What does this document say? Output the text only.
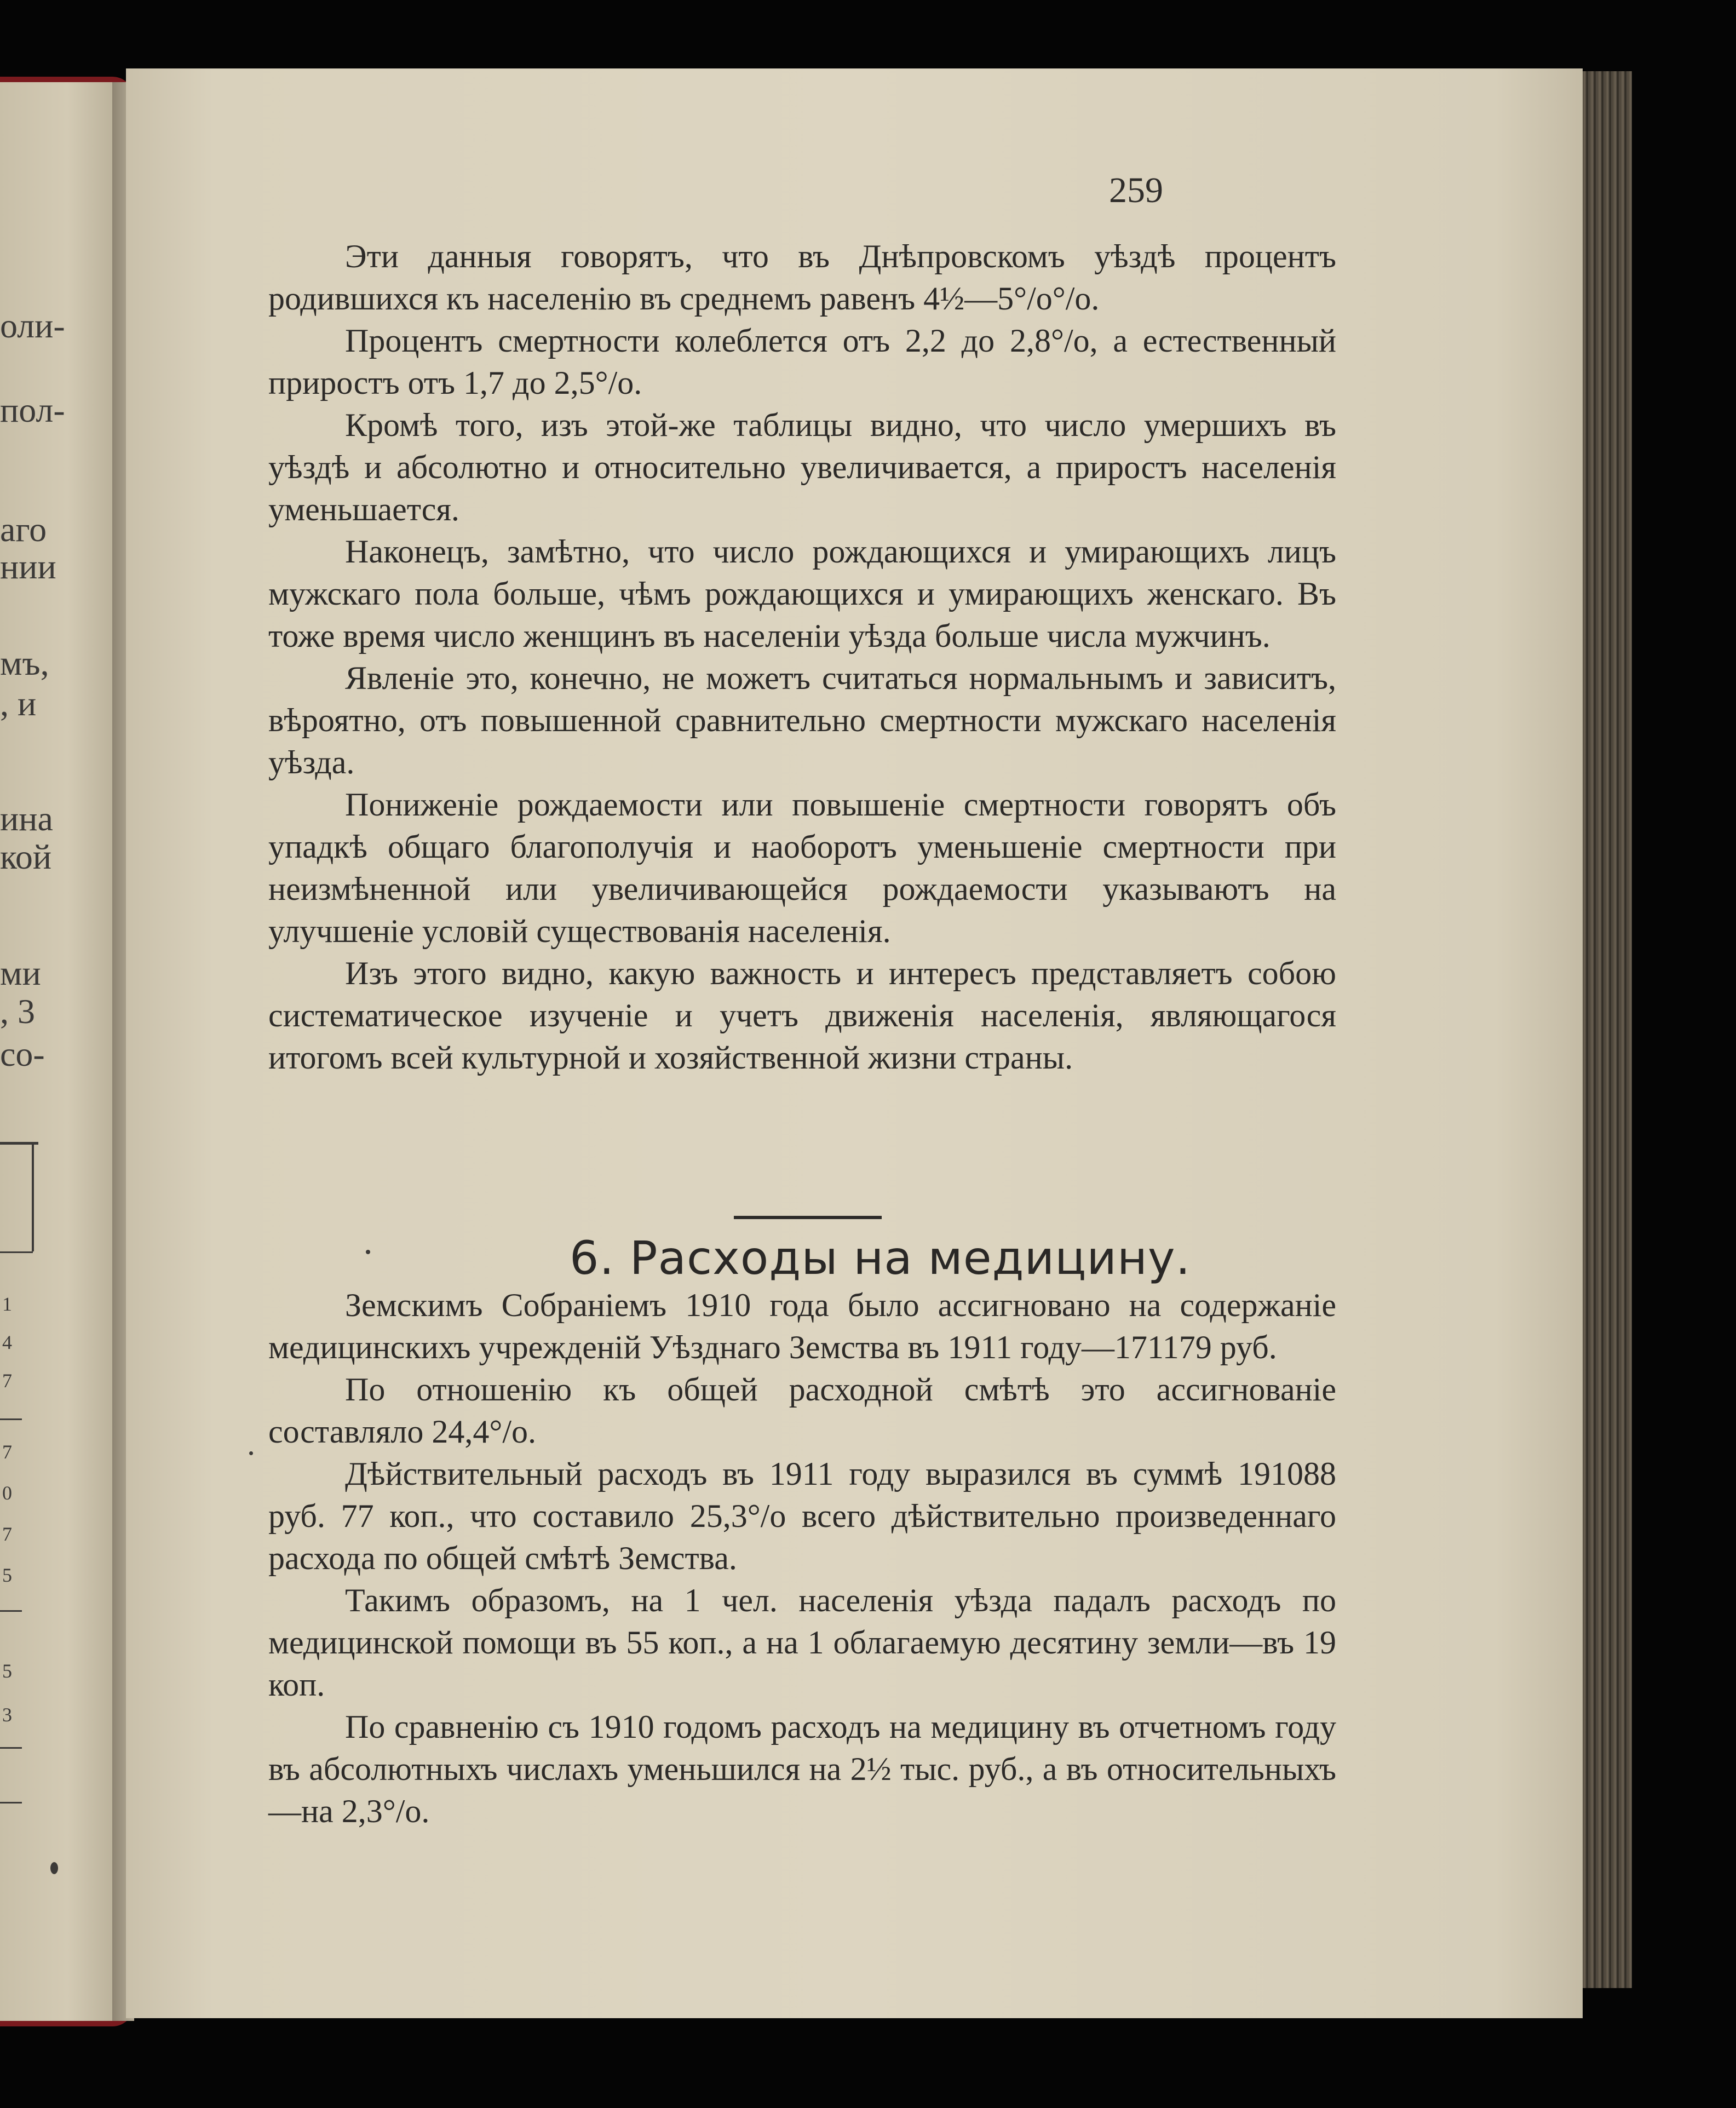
оли-
пол-
аго
нии
мъ,
, и
ина
кой
ми
, 3
со-
1
4
7
7
0
7
5
5
3
259

Эти данныя говорятъ, что въ Днѣпровскомъ уѣздѣ процентъ родившихся къ населенію въ среднемъ равенъ 4½—5°/о°/о.

Процентъ смертности колеблется отъ 2,2 до 2,8°/о, а естественный приростъ отъ 1,7 до 2,5°/о.

Кромѣ того, изъ этой-же таблицы видно, что число умершихъ въ уѣздѣ и абсолютно и относительно увеличивается, а приростъ населенія уменьшается.

Наконецъ, замѣтно, что число рождающихся и умирающихъ лицъ мужскаго пола больше, чѣмъ рождающихся и умирающихъ женскаго. Въ тоже время число женщинъ въ населеніи уѣзда больше числа мужчинъ.

Явленіе это, конечно, не можетъ считаться нормальнымъ и зависитъ, вѣроятно, отъ повышенной сравнительно смертности мужскаго населенія уѣзда.

Пониженіе рождаемости или повышеніе смертности говорятъ объ упадкѣ общаго благополучія и наоборотъ уменьшеніе смертности при неизмѣненной или увеличивающейся рождаемости указываютъ на улучшеніе условій существованія населенія.

Изъ этого видно, какую важность и интересъ представляетъ собою систематическое изученіе и учетъ движенія населенія, являющагося итогомъ всей культурной и хозяйственной жизни страны.

6. Расходы на медицину.

Земскимъ Собраніемъ 1910 года было ассигновано на содержаніе медицинскихъ учрежденій Уѣзднаго Земства въ 1911 году—171179 руб.

По отношенію къ общей расходной смѣтѣ это ассигнованіе составляло 24,4°/о.

Дѣйствительный расходъ въ 1911 году выразился въ суммѣ 191088 руб. 77 коп., что составило 25,3°/о всего дѣйствительно произведеннаго расхода по общей смѣтѣ Земства.

Такимъ образомъ, на 1 чел. населенія уѣзда падалъ расходъ по медицинской помощи въ 55 коп., а на 1 облагаемую десятину земли—въ 19 коп.

По сравненію съ 1910 годомъ расходъ на медицину въ отчетномъ году въ абсолютныхъ числахъ уменьшился на 2½ тыс. руб., а въ относительныхъ—на 2,3°/о.
